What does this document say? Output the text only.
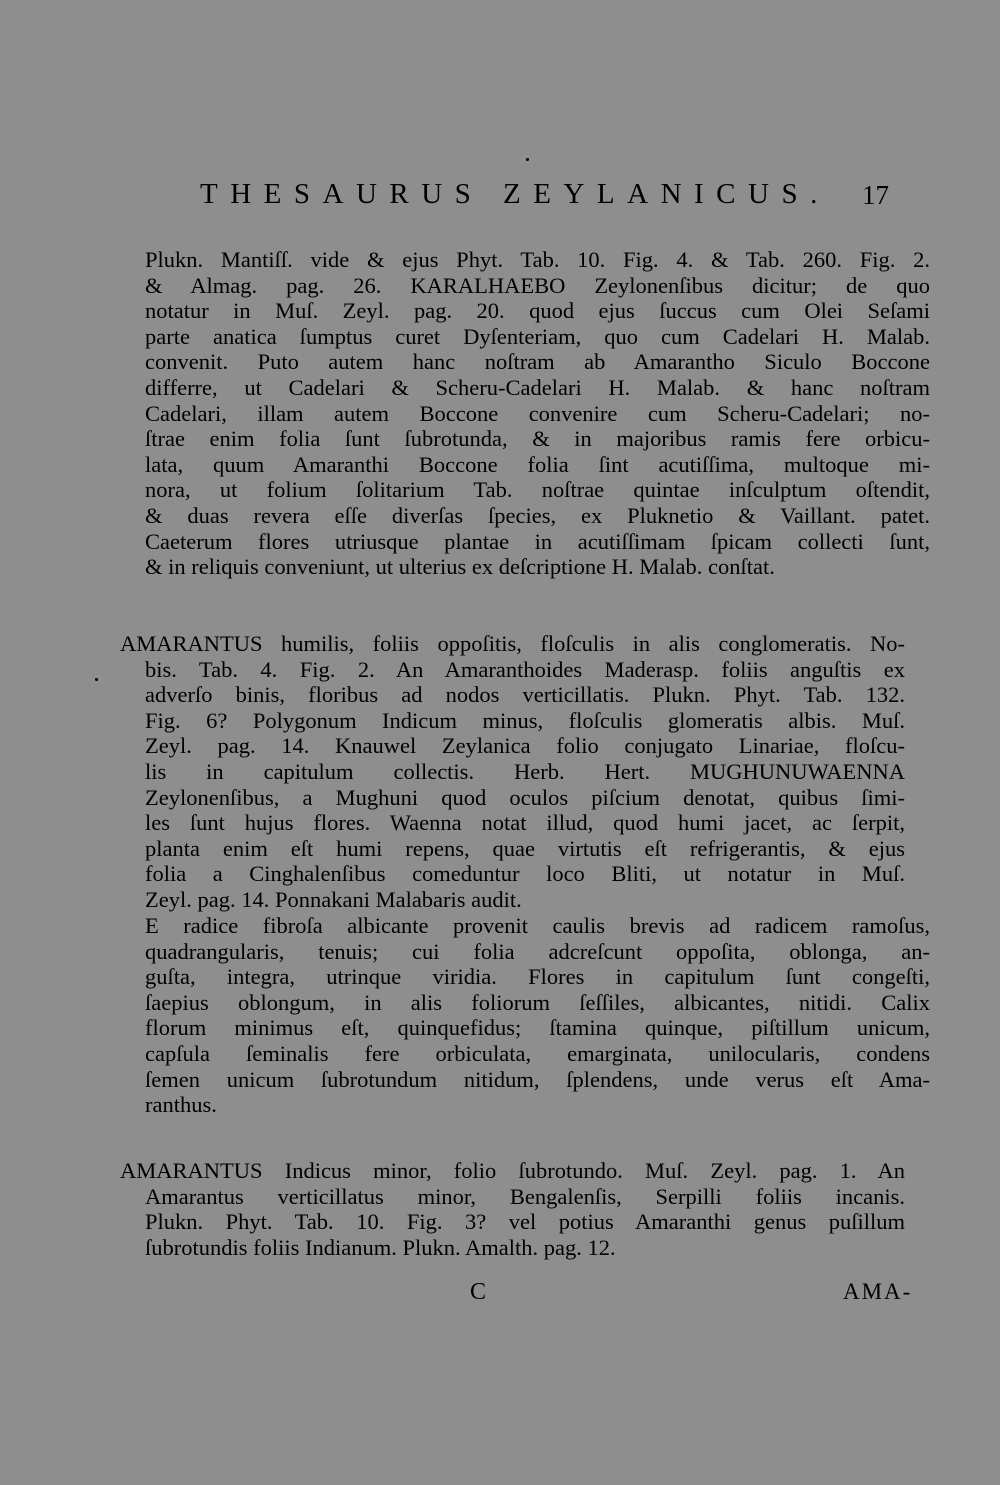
THESAURUS ZEYLANICUS. 17
Plukn. Mantiſſ. vide & ejus Phyt. Tab. 10. Fig. 4. & Tab. 260. Fig. 2.
& Almag. pag. 26. KARALHAEBO Zeylonenſibus dicitur; de quo
notatur in Muſ. Zeyl. pag. 20. quod ejus ſuccus cum Olei Seſami
parte anatica ſumptus curet Dyſenteriam, quo cum Cadelari H. Malab.
convenit. Puto autem hanc noſtram ab Amarantho Siculo Boccone
differre, ut Cadelari & Scheru-Cadelari H. Malab. & hanc noſtram
Cadelari, illam autem Boccone convenire cum Scheru-Cadelari; no-
ſtrae enim folia ſunt ſubrotunda, & in majoribus ramis fere orbicu-
lata, quum Amaranthi Boccone folia ſint acutiſſima, multoque mi-
nora, ut folium ſolitarium Tab. noſtrae quintae inſculptum oſtendit,
& duas revera eſſe diverſas ſpecies, ex Pluknetio & Vaillant. patet.
Caeterum flores utriusque plantae in acutiſſimam ſpicam collecti ſunt,
& in reliquis conveniunt, ut ulterius ex deſcriptione H. Malab. conſtat.
AMARANTUS humilis, foliis oppoſitis, floſculis in alis conglomeratis. No-
bis. Tab. 4. Fig. 2. An Amaranthoides Maderasp. foliis anguſtis ex
adverſo binis, floribus ad nodos verticillatis. Plukn. Phyt. Tab. 132.
Fig. 6? Polygonum Indicum minus, floſculis glomeratis albis. Muſ.
Zeyl. pag. 14. Knauwel Zeylanica folio conjugato Linariae, floſcu-
lis in capitulum collectis. Herb. Hert. MUGHUNUWAENNA
Zeylonenſibus, a Mughuni quod oculos piſcium denotat, quibus ſimi-
les ſunt hujus flores. Waenna notat illud, quod humi jacet, ac ſerpit,
planta enim eſt humi repens, quae virtutis eſt refrigerantis, & ejus
folia a Cinghalenſibus comeduntur loco Bliti, ut notatur in Muſ.
Zeyl. pag. 14. Ponnakani Malabaris audit.
E radice fibroſa albicante provenit caulis brevis ad radicem ramoſus,
quadrangularis, tenuis; cui folia adcreſcunt oppoſita, oblonga, an-
guſta, integra, utrinque viridia. Flores in capitulum ſunt congeſti,
ſaepius oblongum, in alis foliorum ſeſſiles, albicantes, nitidi. Calix
florum minimus eſt, quinquefidus; ſtamina quinque, piſtillum unicum,
capſula ſeminalis fere orbiculata, emarginata, unilocularis, condens
ſemen unicum ſubrotundum nitidum, ſplendens, unde verus eſt Ama-
ranthus.
AMARANTUS Indicus minor, folio ſubrotundo. Muſ. Zeyl. pag. 1. An
Amarantus verticillatus minor, Bengalenſis, Serpilli foliis incanis.
Plukn. Phyt. Tab. 10. Fig. 3? vel potius Amaranthi genus puſillum
ſubrotundis foliis Indianum. Plukn. Amalth. pag. 12.
C	AMA-
